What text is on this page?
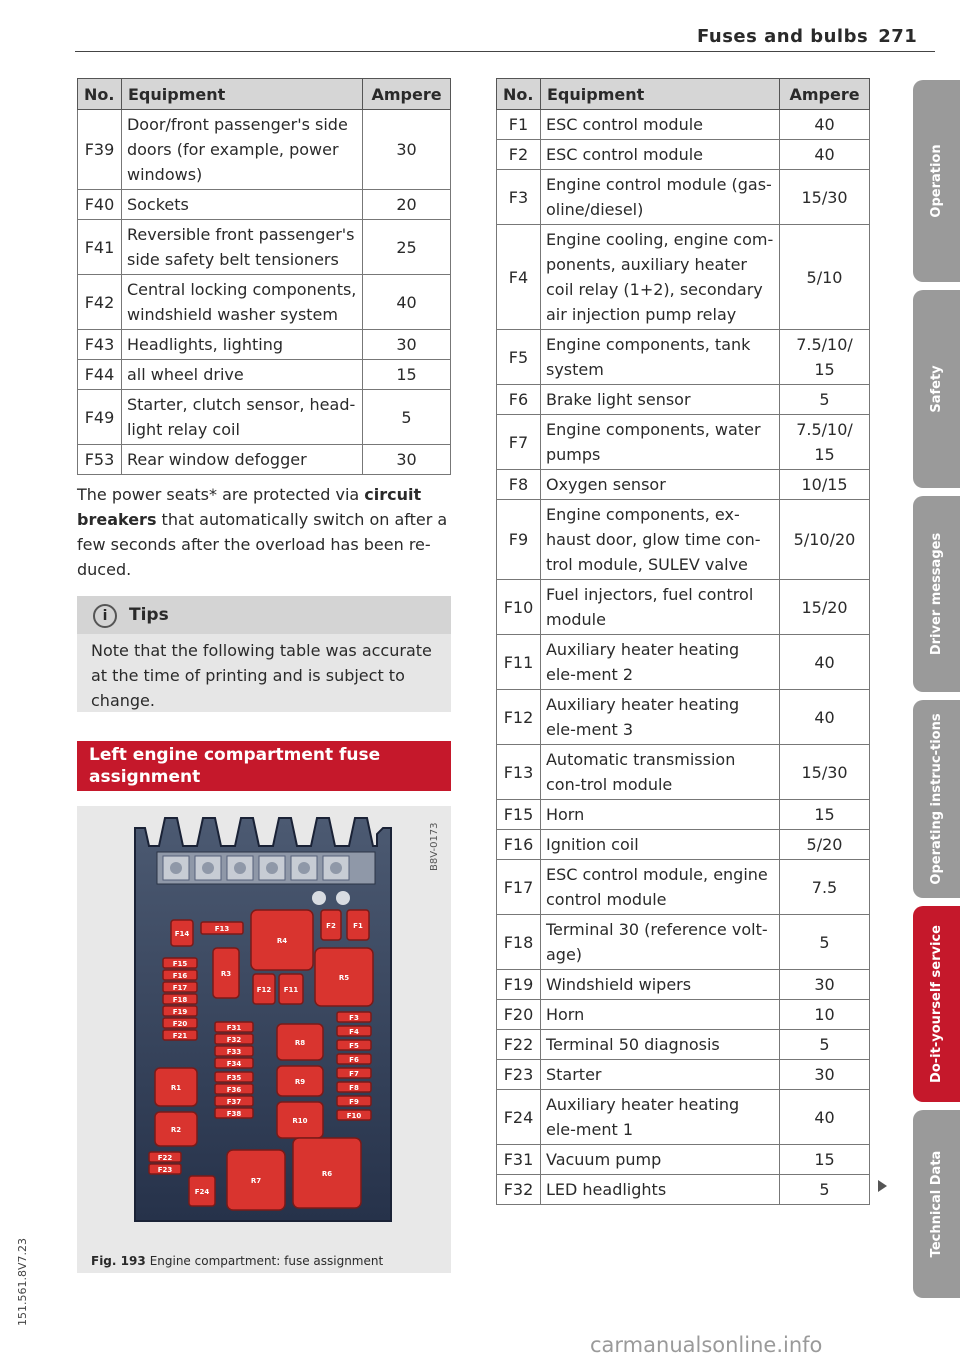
Fuses and bulbs 271
No.	Equipment	Ampere
F39	Door/front passenger's side doors (for example, power windows)	30
F40	Sockets	20
F41	Reversible front passenger's side safety belt tensioners	25
F42	Central locking components, windshield washer system	40
F43	Headlights, lighting	30
F44	all wheel drive	15
F49	Starter, clutch sensor, head-light relay coil	5
F53	Rear window defogger	30
The power seats* are protected via circuit breakers that automatically switch on after a few seconds after the overload has been re-duced.
i	Tips
Note that the following table was accurate at the time of printing and is subject to change.
Left engine compartment fuse assignment
F14
F13
R4
F2 F1
F15
F16
F17
F18
F19
F20
F21
R3
F12 F11
R5
F31
F32
F33
F34
F35
F36
F37
F38
R8
R9
R10
F3
F4
F5
F6
F7
F8
F9
F10
R1
R2
F22
F23
F24
R7
R6
B8V-0173
Fig. 193 Engine compartment: fuse assignment
No.	Equipment	Ampere
F1	ESC control module	40
F2	ESC control module	40
F3	Engine control module (gas-oline/diesel)	15/30
F4	Engine cooling, engine com-ponents, auxiliary heater coil relay (1+2), secondary air injection pump relay	5/10
F5	Engine components, tank system	7.5/10/ 15
F6	Brake light sensor	5
F7	Engine components, water pumps	7.5/10/ 15
F8	Oxygen sensor	10/15
F9	Engine components, ex-haust door, glow time con-trol module, SULEV valve	5/10/20
F10	Fuel injectors, fuel control module	15/20
F11	Auxiliary heater heating ele-ment 2	40
F12	Auxiliary heater heating ele-ment 3	40
F13	Automatic transmission con-trol module	15/30
F15	Horn	15
F16	Ignition coil	5/20
F17	ESC control module, engine control module	7.5
F18	Terminal 30 (reference volt-age)	5
F19	Windshield wipers	30
F20	Horn	10
F22	Terminal 50 diagnosis	5
F23	Starter	30
F24	Auxiliary heater heating ele-ment 1	40
F31	Vacuum pump	15
F32	LED headlights	5
Operation
Safety
Driver messages
Operating instruc-tions
Do-it-yourself service
Technical Data
151.561.8V7.23
carmanualsonline.info
